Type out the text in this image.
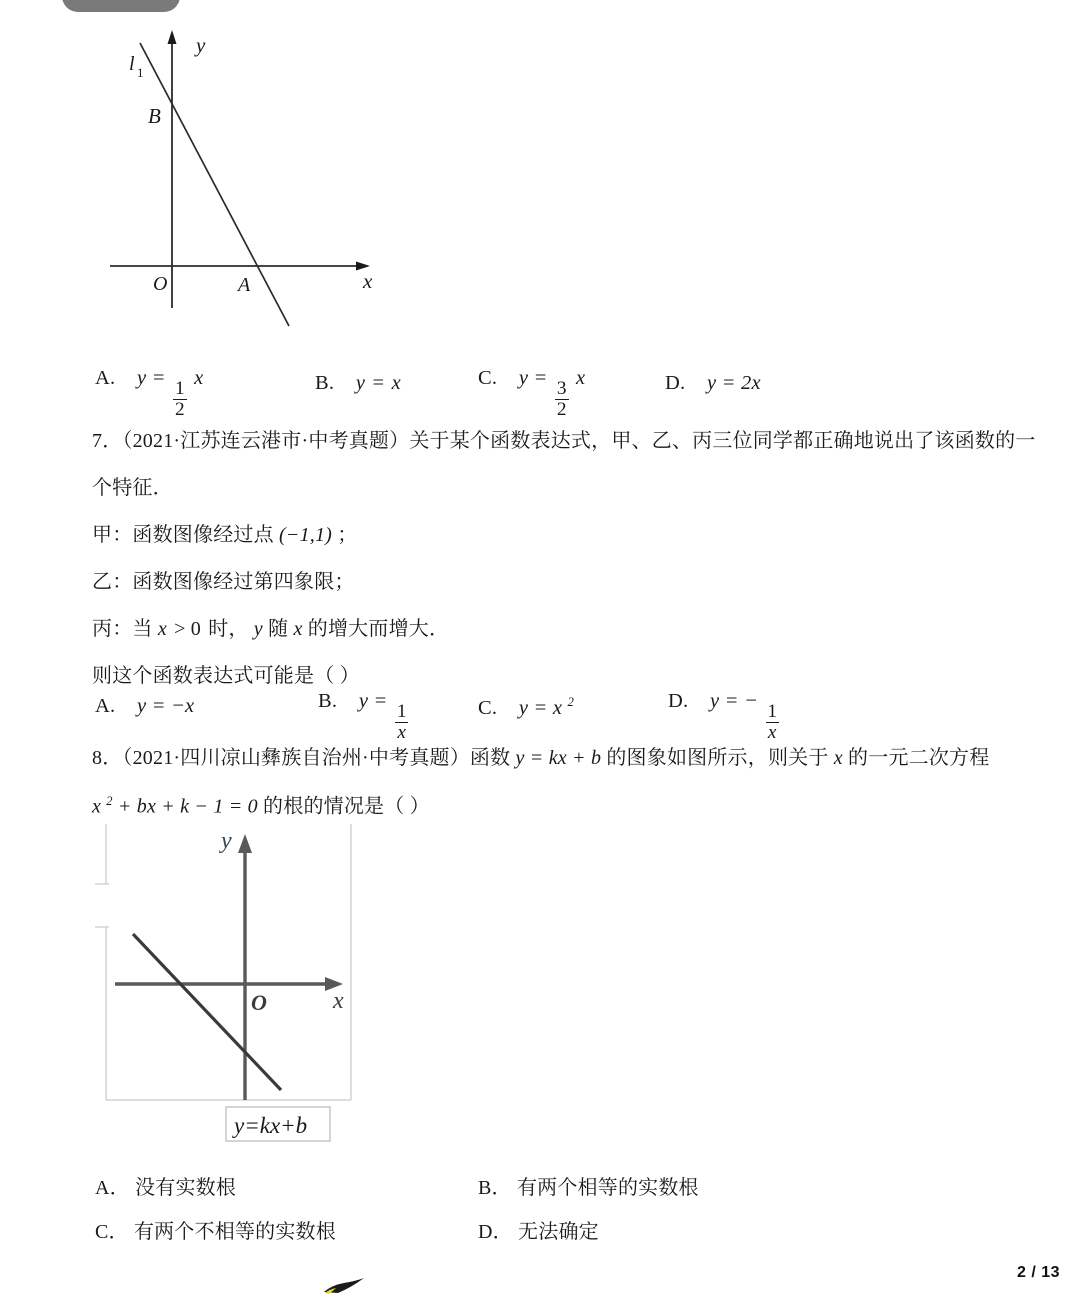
l 1
y
x
B
O	A
A. y =
$\frac{1}{2}$
x	B. y = x	C. y =
$\frac{3}{2}$
x	D. y = 2x
7．（2021·江苏连云港市·中考真题）关于某个函数表达式，甲、乙、丙三位同学都正确地说出了该函数的一
个特征．
甲：函数图像经过点 (−1,1) ；
乙：函数图像经过第四象限；
丙：当 x > 0 时， y 随 x 的增大而增大．
则这个函数表达式可能是（ ）
A. y = −x	B. y =
$\frac{1}{x}$	C. y = x $^2$	D. y = −
$\frac{1}{x}$
8．（2021·四川凉山彝族自治州·中考真题）函数 y = kx + b 的图象如图所示，则关于 x 的一元二次方程
x $^2$ + bx + k − 1 = 0 的根的情况是（ ）
y
x
O
y=kx+b
A． 没有实数根	B． 有两个相等的实数根
C． 有两个不相等的实数根	D． 无法确定
2 / 13
